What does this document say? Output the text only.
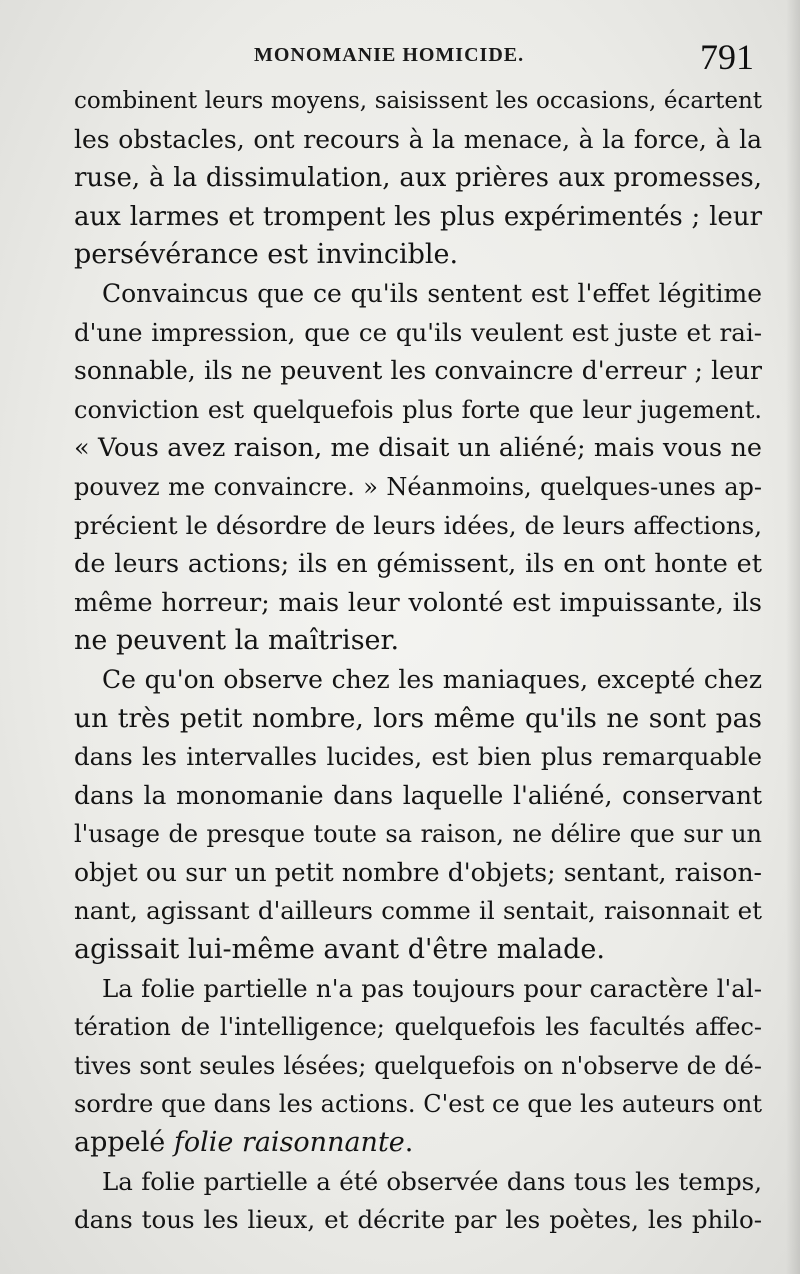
MONOMANIE HOMICIDE.	791
combinent leurs moyens, saisissent les occasions, écartent
les obstacles, ont recours à la menace, à la force, à la
ruse, à la dissimulation, aux prières aux promesses,
aux larmes et trompent les plus expérimentés ; leur
persévérance est invincible.
Convaincus que ce qu'ils sentent est l'effet légitime
d'une impression, que ce qu'ils veulent est juste et rai-
sonnable, ils ne peuvent les convaincre d'erreur ; leur
conviction est quelquefois plus forte que leur jugement.
« Vous avez raison, me disait un aliéné; mais vous ne
pouvez me convaincre. » Néanmoins, quelques-unes ap-
précient le désordre de leurs idées, de leurs affections,
de leurs actions; ils en gémissent, ils en ont honte et
même horreur; mais leur volonté est impuissante, ils
ne peuvent la maîtriser.
Ce qu'on observe chez les maniaques, excepté chez
un très petit nombre, lors même qu'ils ne sont pas
dans les intervalles lucides, est bien plus remarquable
dans la monomanie dans laquelle l'aliéné, conservant
l'usage de presque toute sa raison, ne délire que sur un
objet ou sur un petit nombre d'objets; sentant, raison-
nant, agissant d'ailleurs comme il sentait, raisonnait et
agissait lui-même avant d'être malade.
La folie partielle n'a pas toujours pour caractère l'al-
tération de l'intelligence; quelquefois les facultés affec-
tives sont seules lésées; quelquefois on n'observe de dé-
sordre que dans les actions. C'est ce que les auteurs ont
appelé folie raisonnante.
La folie partielle a été observée dans tous les temps,
dans tous les lieux, et décrite par les poètes, les philo-
